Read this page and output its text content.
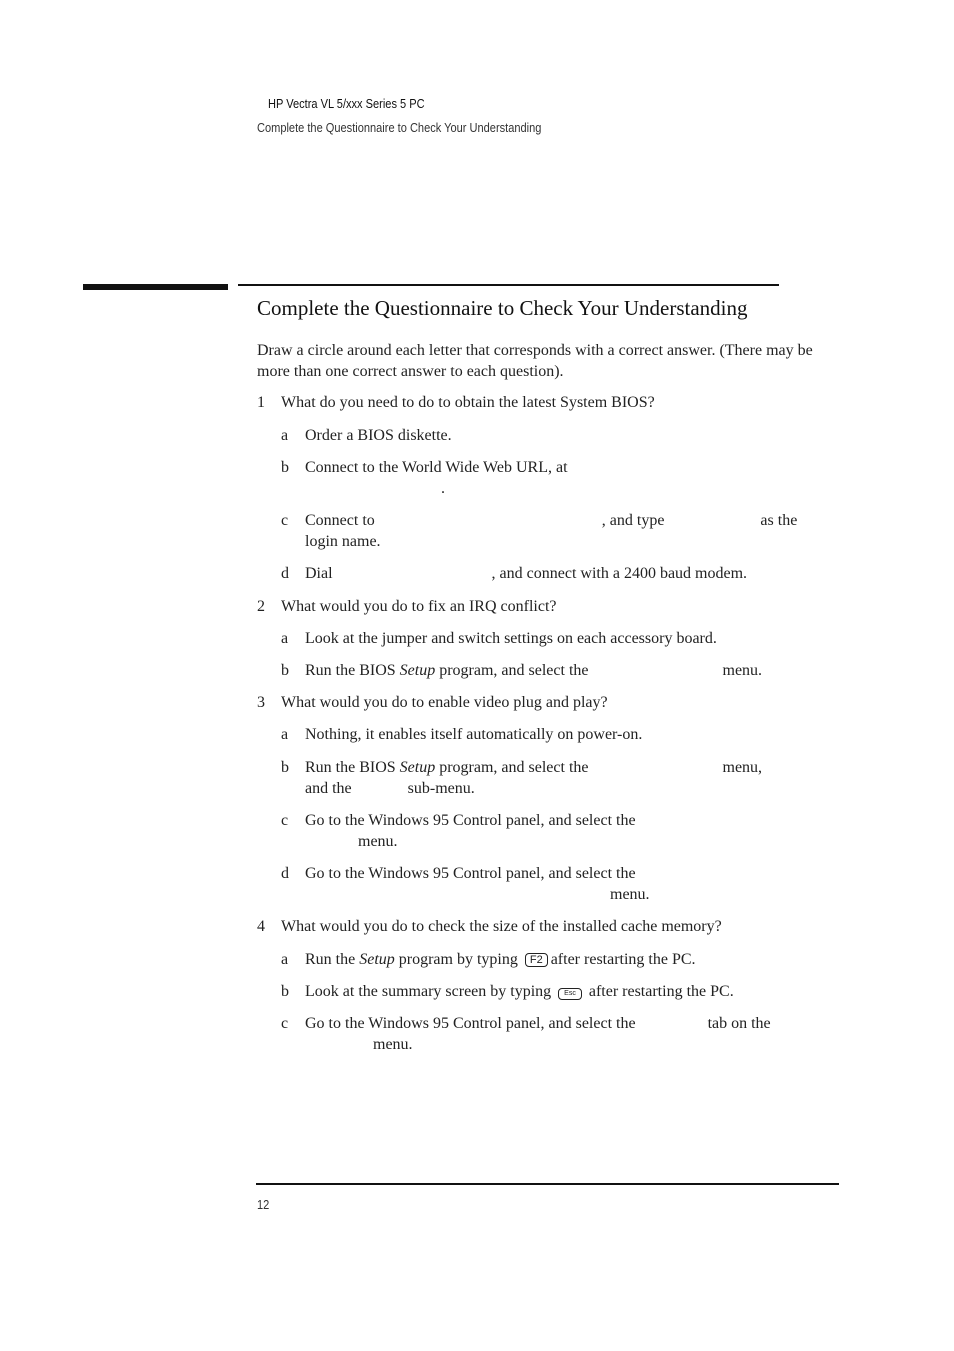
HP Vectra VL 5/xxx Series 5 PC
Complete the Questionnaire to Check Your Understanding
Complete the Questionnaire to Check Your Understanding
Draw a circle around each letter that corresponds with a correct answer. (There may be more than one correct answer to each question).
1 What do you need to do to obtain the latest System BIOS?
a	Order a BIOS diskette.
b	Connect to the World Wide Web URL, at
.
c	Connect to	, and type	as the
login name.
d	Dial	, and connect with a 2400 baud modem.
2 What would you do to fix an IRQ conflict?
a	Look at the jumper and switch settings on each accessory board.
b	Run the BIOS Setup program, and select the	menu.
3 What would you do to enable video plug and play?
a	Nothing, it enables itself automatically on power-on.
b	Run the BIOS Setup program, and select the	menu,
and the	sub-menu.
c	Go to the Windows 95 Control panel, and select the
menu.
d	Go to the Windows 95 Control panel, and select the
menu.
4 What would you do to check the size of the installed cache memory?
a	Run the Setup program by typing F2 after restarting the PC.
b	Look at the summary screen by typing Esc after restarting the PC.
c	Go to the Windows 95 Control panel, and select the	tab on the
menu.
12
